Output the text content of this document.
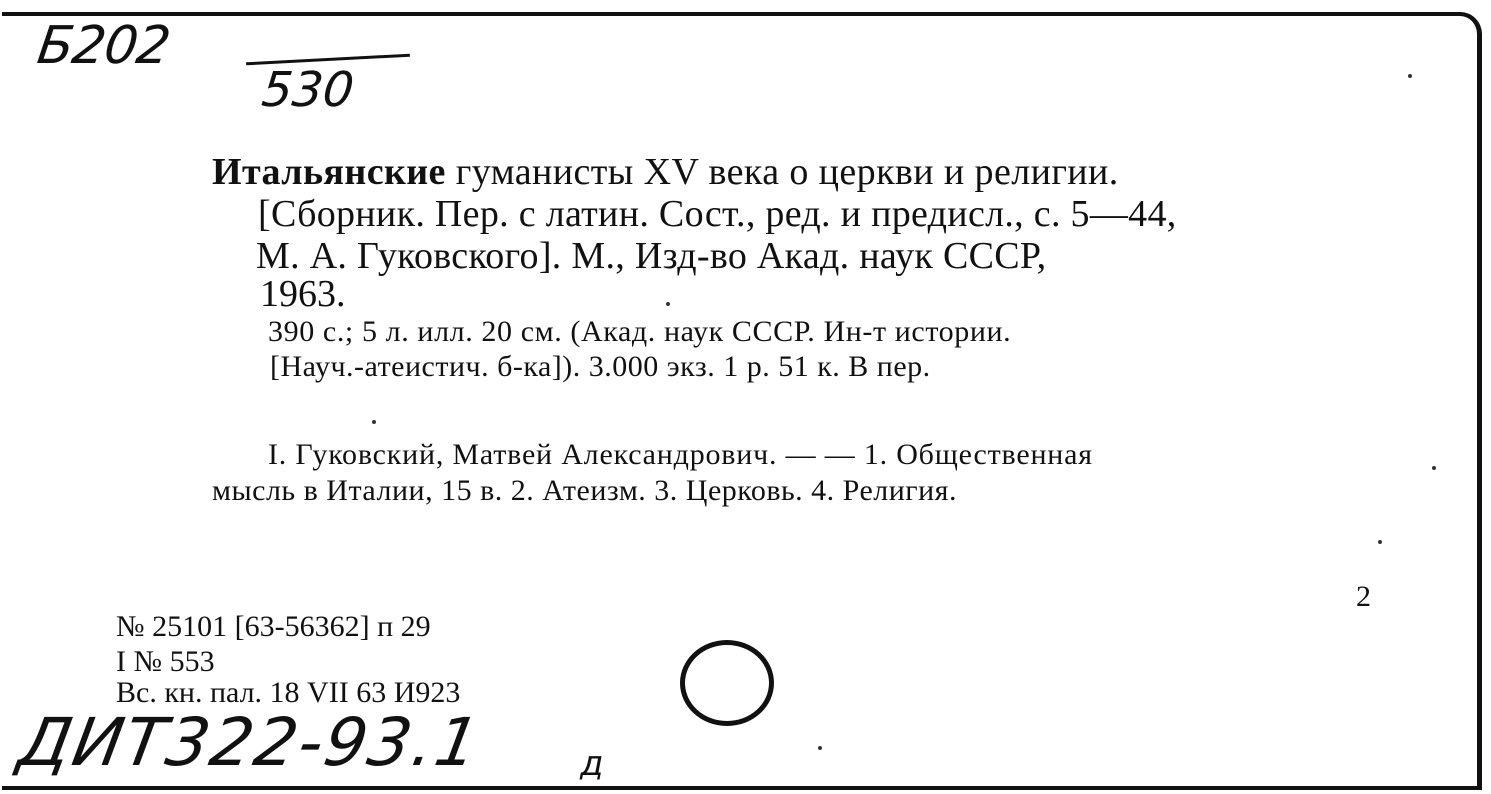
Б202
530
Итальянские гуманисты XV века о церкви и религии.
[Сборник. Пер. с латин. Сост., ред. и предисл., с. 5—44,
М. А. Гуковского]. М., Изд-во Акад. наук СССР,
1963.
390 с.; 5 л. илл. 20 см. (Акад. наук СССР. Ин-т истории.
[Науч.-атеистич. б-ка]). 3.000 экз. 1 р. 51 к. В пер.
I. Гуковский, Матвей Александрович. — — 1. Общественная
мысль в Италии, 15 в. 2. Атеизм. 3. Церковь. 4. Религия.
2
№ 25101 [63-56362] п 29
I № 553
Вс. кн. пал. 18 VII 63 И923
ДИТ322-93.1	д
